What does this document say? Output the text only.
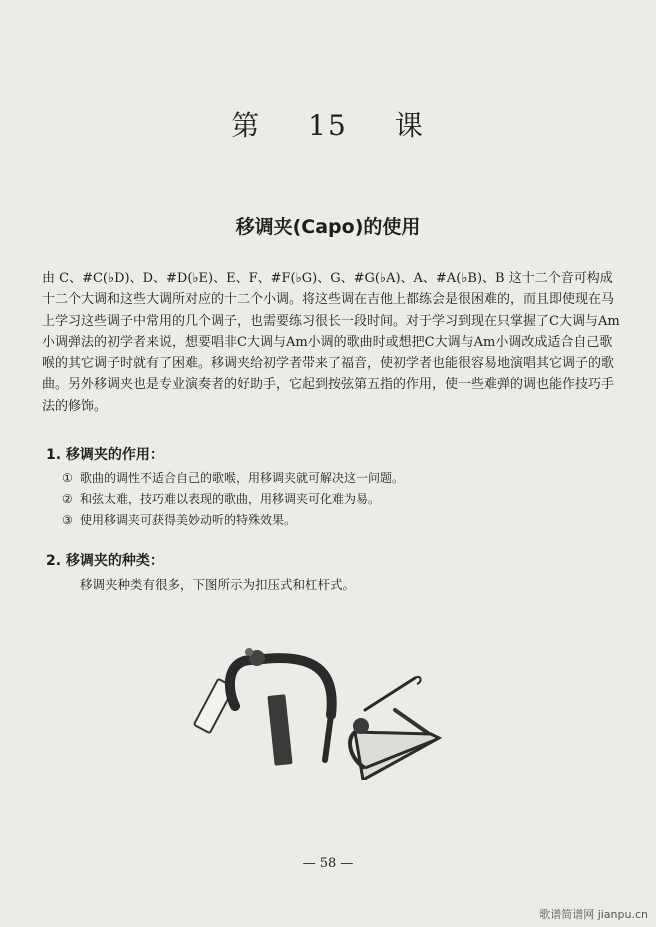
第 15 课
移调夹(Capo)的使用

由 C、#C(♭D)、D、#D(♭E)、E、F、#F(♭G)、G、#G(♭A)、A、#A(♭B)、B 这十二个音可构成十二个大调和这些大调所对应的十二个小调。将这些调在吉他上都练会是很困难的，而且即使现在马上学习这些调子中常用的几个调子，也需要练习很长一段时间。对于学习到现在只掌握了C大调与Am小调弹法的初学者来说，想要唱非C大调与Am小调的歌曲时或想把C大调与Am小调改成适合自己歌喉的其它调子时就有了困难。移调夹给初学者带来了福音，使初学者也能很容易地演唱其它调子的歌曲。另外移调夹也是专业演奏者的好助手，它起到按弦第五指的作用，使一些难弹的调也能作技巧手法的修饰。

1. 移调夹的作用：
① 歌曲的调性不适合自己的歌喉，用移调夹就可解决这一问题。
② 和弦太难，技巧难以表现的歌曲，用移调夹可化难为易。
③ 使用移调夹可获得美妙动听的特殊效果。
2. 移调夹的种类：
移调夹种类有很多，下图所示为扣压式和杠杆式。
— 58 —
歌谱简谱网 jianpu.cn
